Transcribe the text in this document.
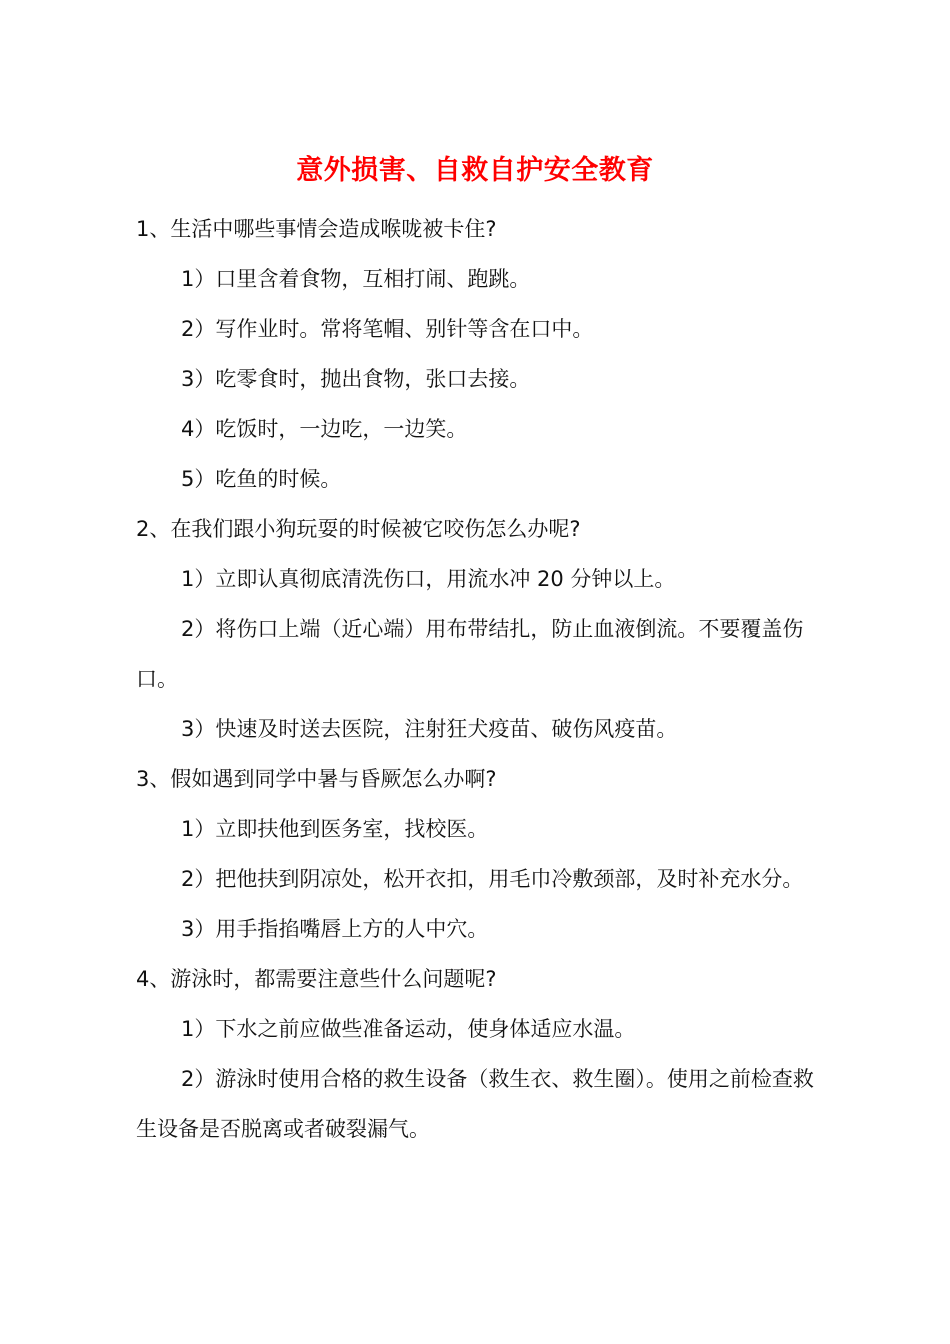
意外损害、自救自护安全教育

1、生活中哪些事情会造成喉咙被卡住?

1）口里含着食物，互相打闹、跑跳。

2）写作业时。常将笔帽、别针等含在口中。

3）吃零食时，抛出食物，张口去接。

4）吃饭时，一边吃，一边笑。

5）吃鱼的时候。

2、在我们跟小狗玩耍的时候被它咬伤怎么办呢?

1）立即认真彻底清洗伤口，用流水冲 20 分钟以上。

2）将伤口上端（近心端）用布带结扎，防止血液倒流。不要覆盖伤口。

3）快速及时送去医院，注射狂犬疫苗、破伤风疫苗。

3、假如遇到同学中暑与昏厥怎么办啊?

1）立即扶他到医务室，找校医。

2）把他扶到阴凉处，松开衣扣，用毛巾冷敷颈部，及时补充水分。

3）用手指掐嘴唇上方的人中穴。

4、游泳时，都需要注意些什么问题呢?

1）下水之前应做些准备运动，使身体适应水温。

2）游泳时使用合格的救生设备（救生衣、救生圈）。使用之前检查救生设备是否脱离或者破裂漏气。
